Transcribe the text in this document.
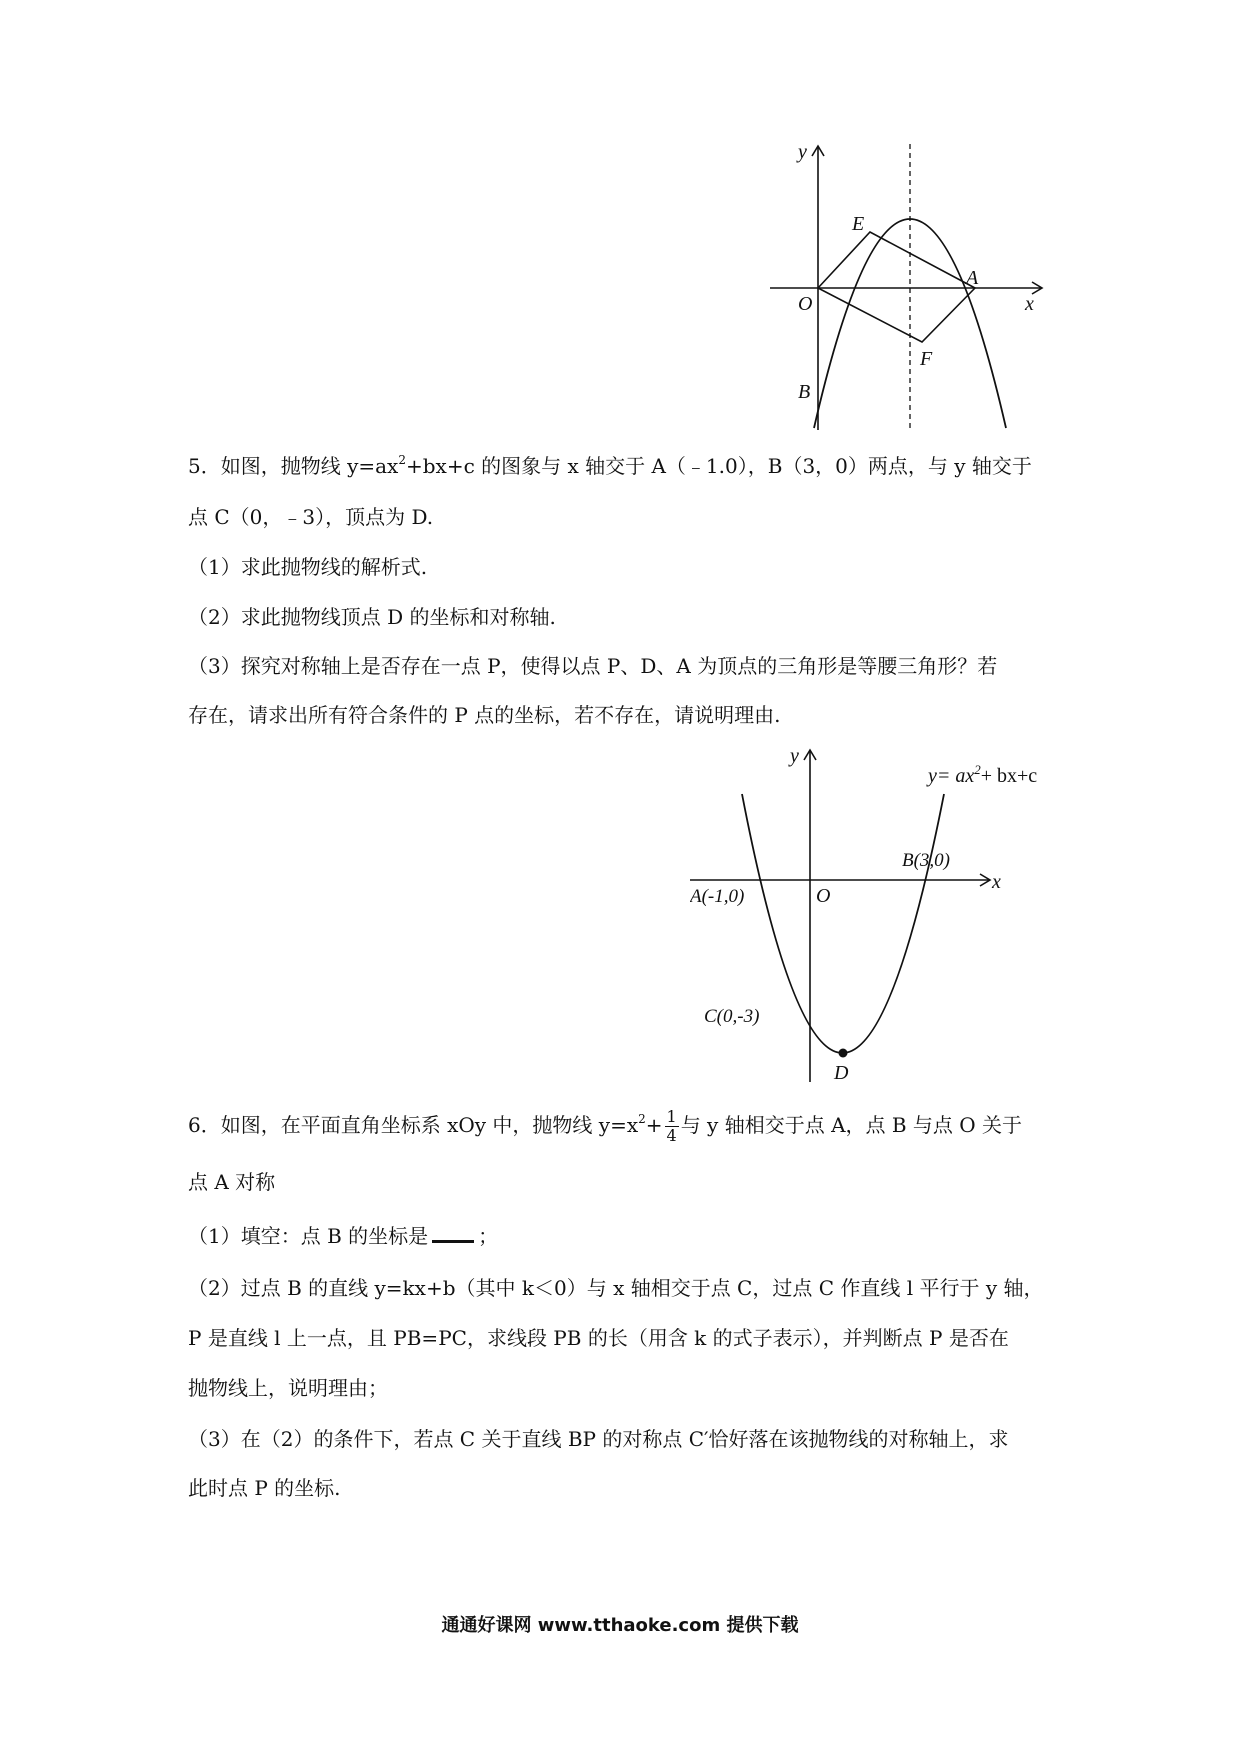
y
x
O
E
A
F
B
5．如图，抛物线 $y=ax^2+bx+c$ 的图象与 x 轴交于 A（﹣1.0），B（3，0）两点，与 y 轴交于
点 C（0，﹣3），顶点为 D.
（1）求此抛物线的解析式.
（2）求此抛物线顶点 D 的坐标和对称轴.
（3）探究对称轴上是否存在一点 P，使得以点 P、D、A 为顶点的三角形是等腰三角形？若
存在，请求出所有符合条件的 P 点的坐标，若不存在，请说明理由.
y
x
O
$y= ax^2+ bx+c$
A(-1,0)
B(3,0)
C(0,-3)
D
6．如图，在平面直角坐标系 xOy 中，抛物线 $y=x^2+ \frac{1}{4}$ 与 y 轴相交于点 A，点 B 与点 O 关于
点 A 对称
（1）填空：点 B 的坐标是	；
（2）过点 B 的直线 y=kx+b（其中 k＜0）与 x 轴相交于点 C，过点 C 作直线 l 平行于 y 轴，
P 是直线 l 上一点，且 PB=PC，求线段 PB 的长（用含 k 的式子表示），并判断点 P 是否在
抛物线上，说明理由；
（3）在（2）的条件下，若点 C 关于直线 BP 的对称点 C′恰好落在该抛物线的对称轴上，求
此时点 P 的坐标.
通通好课网 www.tthaoke.com 提供下载
